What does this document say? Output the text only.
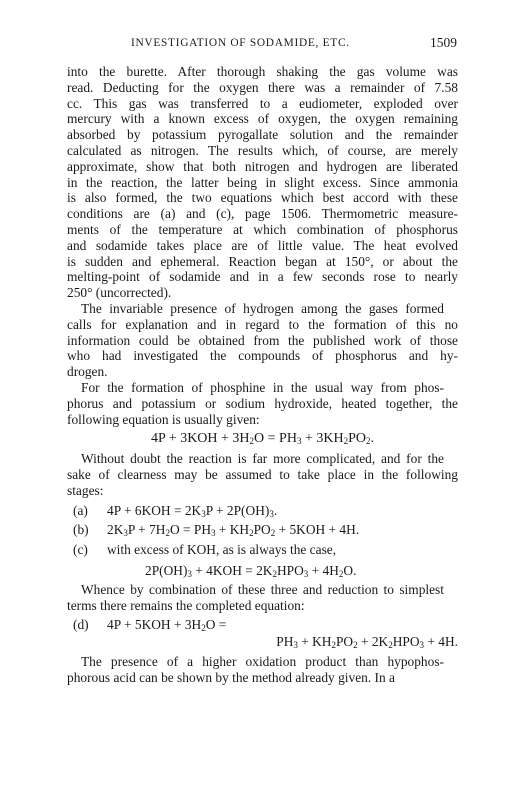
INVESTIGATION OF SODAMIDE, ETC.	1509
into the burette. After thorough shaking the gas volume was
read. Deducting for the oxygen there was a remainder of 7.58
cc. This gas was transferred to a eudiometer, exploded over
mercury with a known excess of oxygen, the oxygen remaining
absorbed by potassium pyrogallate solution and the remainder
calculated as nitrogen. The results which, of course, are merely
approximate, show that both nitrogen and hydrogen are liberated
in the reaction, the latter being in slight excess. Since ammonia
is also formed, the two equations which best accord with these
conditions are (a) and (c), page 1506. Thermometric measure-
ments of the temperature at which combination of phosphorus
and sodamide takes place are of little value. The heat evolved
is sudden and ephemeral. Reaction began at 150°, or about the
melting-point of sodamide and in a few seconds rose to nearly
250° (uncorrected).
The invariable presence of hydrogen among the gases formed
calls for explanation and in regard to the formation of this no
information could be obtained from the published work of those
who had investigated the compounds of phosphorus and hy-
drogen.
For the formation of phosphine in the usual way from phos-
phorus and potassium or sodium hydroxide, heated together, the
following equation is usually given:
$4P + 3KOH + 3H_2O = PH_3 + 3KH_2PO_2$.
Without doubt the reaction is far more complicated, and for the
sake of clearness may be assumed to take place in the following
stages:
(a)	$4P + 6KOH = 2K_3P + 2P(OH)_3$.
(b)	$2K_3P + 7H_2O = PH_3 + KH_2PO_2 + 5KOH + 4H$.
(c)	with excess of KOH, as is always the case,
$2P(OH)_3 + 4KOH = 2K_2HPO_3 + 4H_2O$.
Whence by combination of these three and reduction to simplest
terms there remains the completed equation:
(d)	$4P + 5KOH + 3H_2O$ =
$PH_3 + KH_2PO_2 + 2K_2HPO_3 + 4H$.
The presence of a higher oxidation product than hypophos-
phorous acid can be shown by the method already given. In a
